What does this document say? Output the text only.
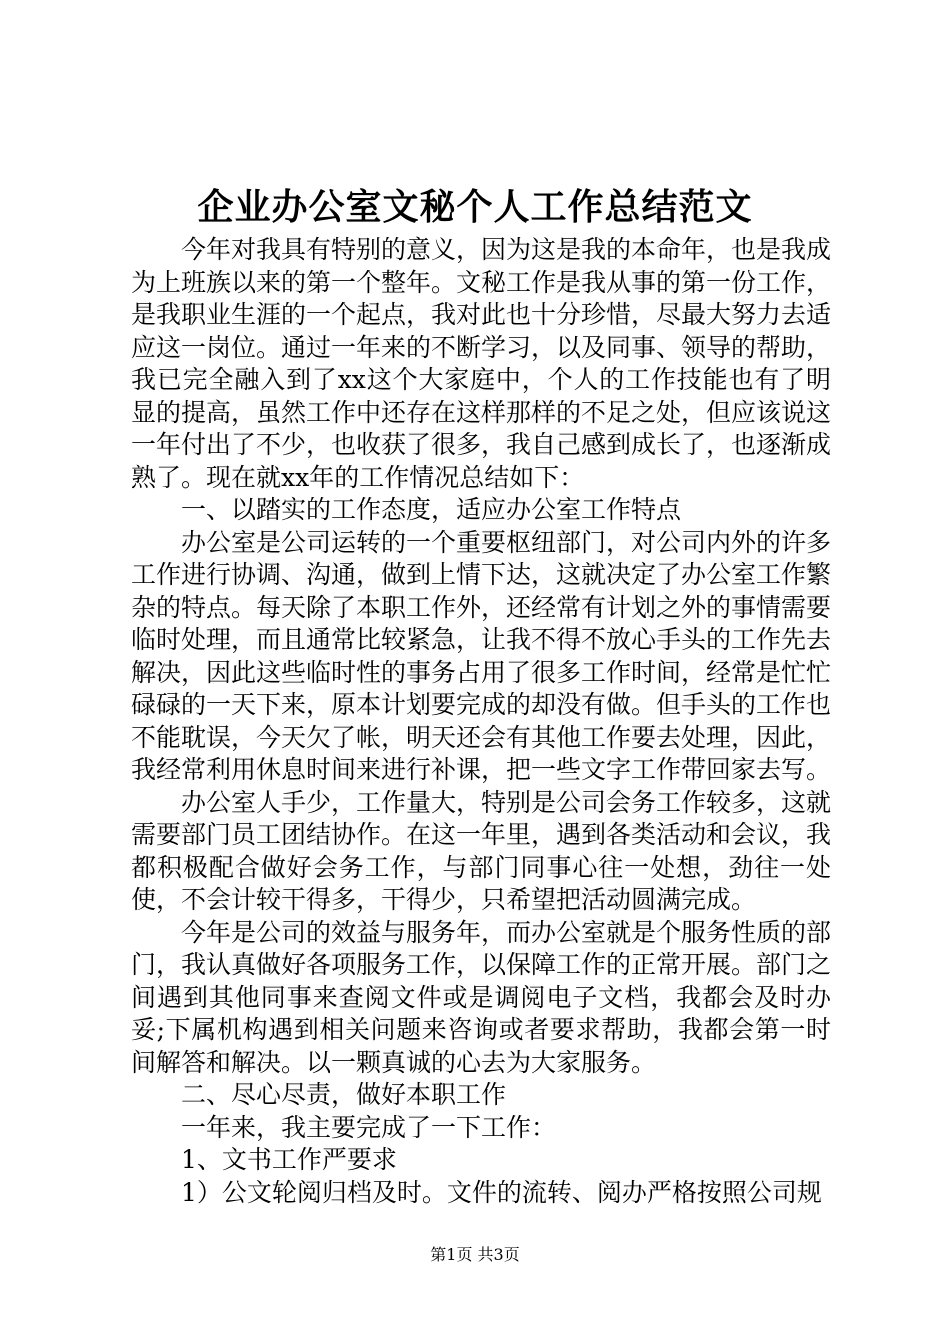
企业办公室文秘个人工作总结范文

今年对我具有特别的意义，因为这是我的本命年，也是我成为上班族以来的第一个整年。文秘工作是我从事的第一份工作，是我职业生涯的一个起点，我对此也十分珍惜，尽最大努力去适应这一岗位。通过一年来的不断学习，以及同事、领导的帮助，我已完全融入到了xx这个大家庭中，个人的工作技能也有了明显的提高，虽然工作中还存在这样那样的不足之处，但应该说这一年付出了不少，也收获了很多，我自己感到成长了，也逐渐成熟了。现在就xx年的工作情况总结如下：

一、以踏实的工作态度，适应办公室工作特点

办公室是公司运转的一个重要枢纽部门，对公司内外的许多工作进行协调、沟通，做到上情下达，这就决定了办公室工作繁杂的特点。每天除了本职工作外，还经常有计划之外的事情需要临时处理，而且通常比较紧急，让我不得不放心手头的工作先去解决，因此这些临时性的事务占用了很多工作时间，经常是忙忙碌碌的一天下来，原本计划要完成的却没有做。但手头的工作也不能耽误，今天欠了帐，明天还会有其他工作要去处理，因此，我经常利用休息时间来进行补课，把一些文字工作带回家去写。

办公室人手少，工作量大，特别是公司会务工作较多，这就需要部门员工团结协作。在这一年里，遇到各类活动和会议，我都积极配合做好会务工作，与部门同事心往一处想，劲往一处使，不会计较干得多，干得少，只希望把活动圆满完成。

今年是公司的效益与服务年，而办公室就是个服务性质的部门，我认真做好各项服务工作，以保障工作的正常开展。部门之间遇到其他同事来查阅文件或是调阅电子文档，我都会及时办妥;下属机构遇到相关问题来咨询或者要求帮助，我都会第一时间解答和解决。以一颗真诚的心去为大家服务。

二、尽心尽责，做好本职工作

一年来，我主要完成了一下工作：

1、文书工作严要求

1）公文轮阅归档及时。文件的流转、阅办严格按照公司规

第1页 共3页
